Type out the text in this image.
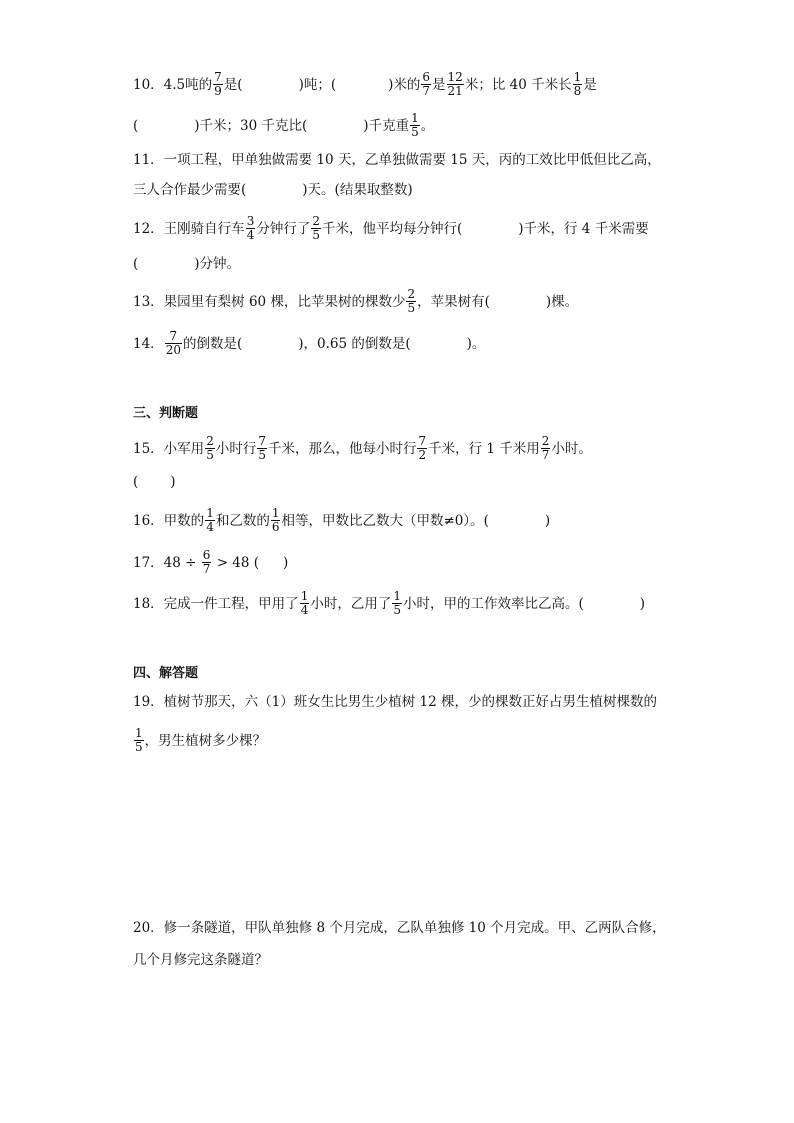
10．4.5吨的 $\frac{7}{9}$ 是(	)吨；(	)米的 $\frac{6}{7}$ 是 $\frac{12}{21}$ 米；比 40 千米长 $\frac{1}{8}$ 是
(	)千米；30 千克比(	)千克重 $\frac{1}{5}$ 。
11．一项工程，甲单独做需要 10 天，乙单独做需要 15 天，丙的工效比甲低但比乙高，
三人合作最少需要(	)天。(结果取整数)
12．王刚骑自行车 $\frac{3}{4}$ 分钟行了 $\frac{2}{5}$ 千米，他平均每分钟行(	)千米，行 4 千米需要
(	)分钟。
13．果园里有梨树 60 棵，比苹果树的棵数少 $\frac{2}{5}$ ，苹果树有(	)棵。
14． $\frac{7}{20}$ 的倒数是(	)，0.65 的倒数是(	)。
三、判断题
15．小军用 $\frac{2}{5}$ 小时行 $\frac{7}{5}$ 千米，那么，他每小时行 $\frac{7}{2}$ 千米，行 1 千米用 $\frac{2}{7}$ 小时。
( )
16．甲数的 $\frac{1}{4}$ 和乙数的 $\frac{1}{6}$ 相等，甲数比乙数大（甲数≠0）。(	)
17．$48 \div \frac{6}{7} > 48$ ( )
18．完成一件工程，甲用了 $\frac{1}{4}$ 小时，乙用了 $\frac{1}{5}$ 小时，甲的工作效率比乙高。(	)
四、解答题
19．植树节那天，六（1）班女生比男生少植树 12 棵，少的棵数正好占男生植树棵数的
$\frac{1}{5}$ ，男生植树多少棵？
20．修一条隧道，甲队单独修 8 个月完成，乙队单独修 10 个月完成。甲、乙两队合修，
几个月修完这条隧道？
